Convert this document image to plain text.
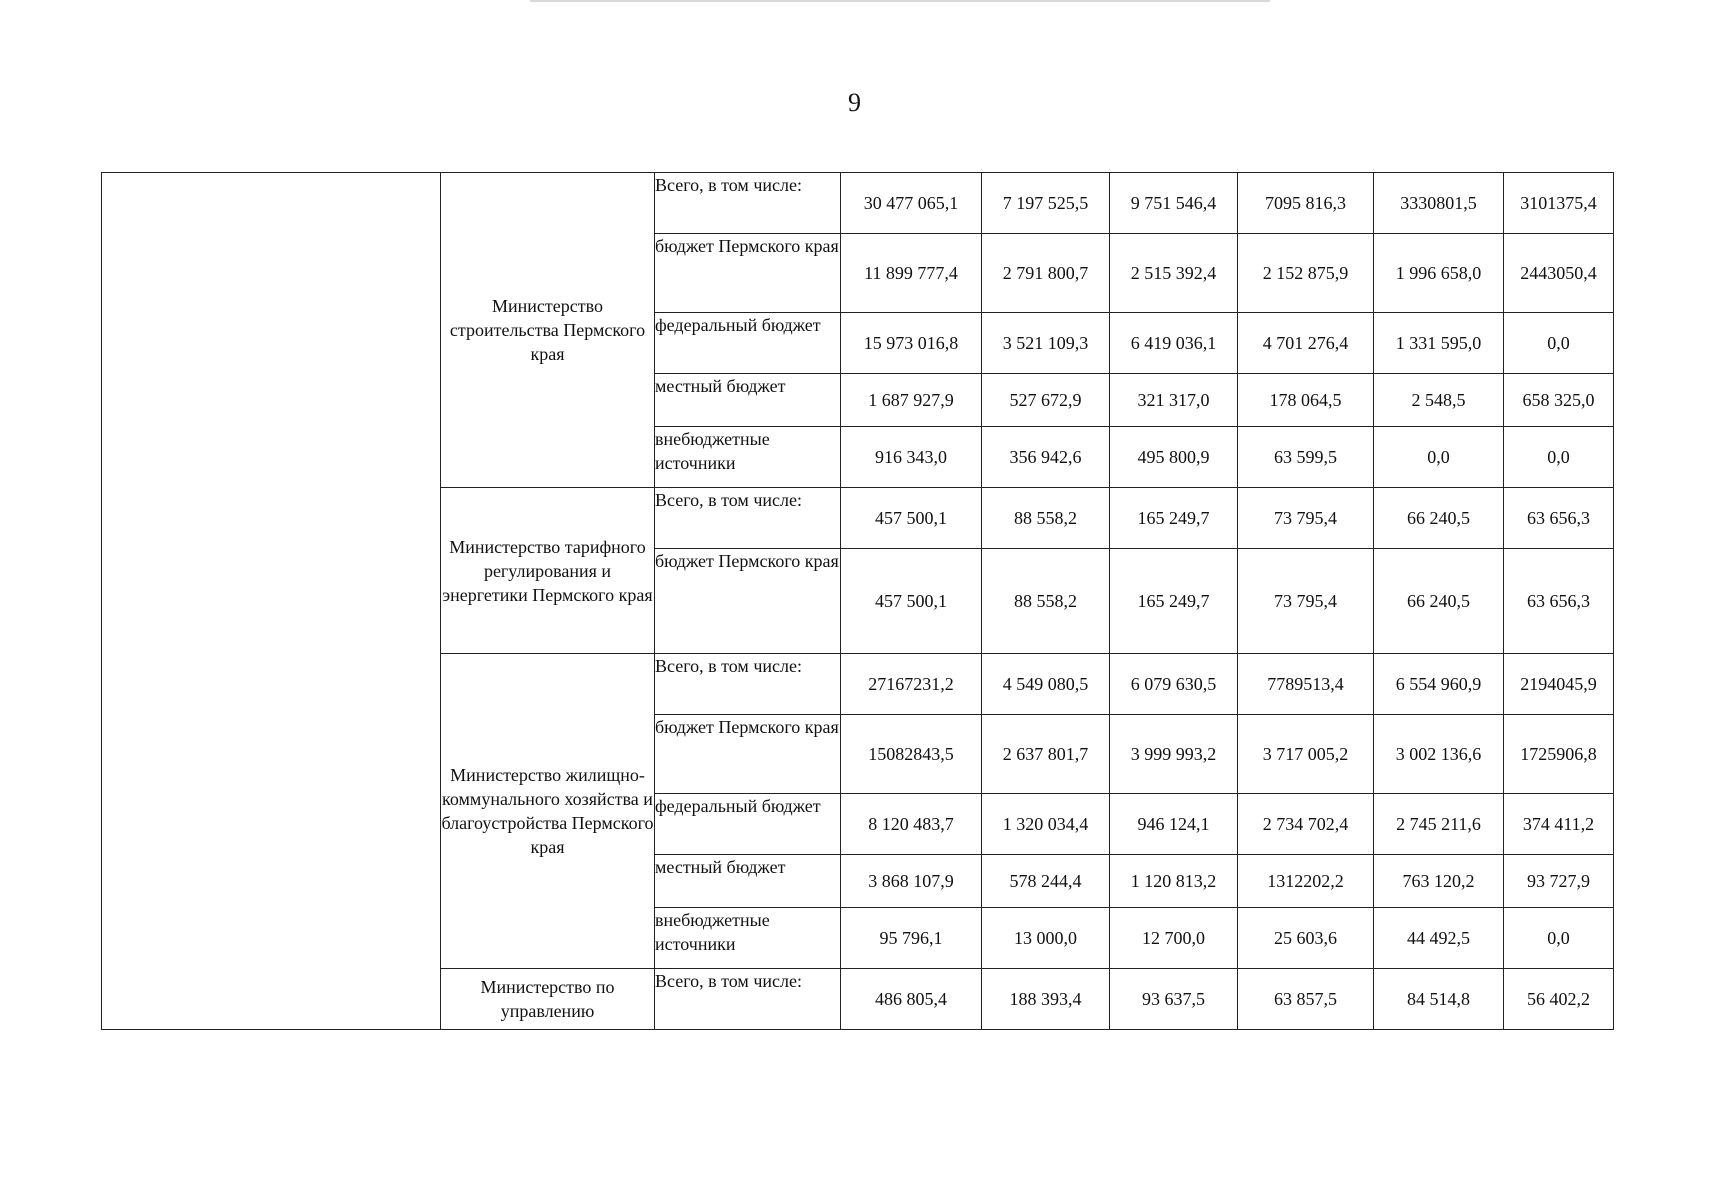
9
	Министерство строительства Пермского края	Всего, в том числе:	30 477 065,1	7 197 525,5	9 751 546,4	7095 816,3	3330801,5	3101375,4
		бюджет Пермского края	11 899 777,4	2 791 800,7	2 515 392,4	2 152 875,9	1 996 658,0	2443050,4
		федеральный бюджет	15 973 016,8	3 521 109,3	6 419 036,1	4 701 276,4	1 331 595,0	0,0
		местный бюджет	1 687 927,9	527 672,9	321 317,0	178 064,5	2 548,5	658 325,0
		внебюджетные источники	916 343,0	356 942,6	495 800,9	63 599,5	0,0	0,0
	Министерство тарифного регулирования и энергетики Пермского края	Всего, в том числе:	457 500,1	88 558,2	165 249,7	73 795,4	66 240,5	63 656,3
		бюджет Пермского края	457 500,1	88 558,2	165 249,7	73 795,4	66 240,5	63 656,3
	Министерство жилищно-коммунального хозяйства и благоустройства Пермского края	Всего, в том числе:	27167231,2	4 549 080,5	6 079 630,5	7789513,4	6 554 960,9	2194045,9
		бюджет Пермского края	15082843,5	2 637 801,7	3 999 993,2	3 717 005,2	3 002 136,6	1725906,8
		федеральный бюджет	8 120 483,7	1 320 034,4	946 124,1	2 734 702,4	2 745 211,6	374 411,2
		местный бюджет	3 868 107,9	578 244,4	1 120 813,2	1312202,2	763 120,2	93 727,9
		внебюджетные источники	95 796,1	13 000,0	12 700,0	25 603,6	44 492,5	0,0
	Министерство по управлению	Всего, в том числе:	486 805,4	188 393,4	93 637,5	63 857,5	84 514,8	56 402,2
